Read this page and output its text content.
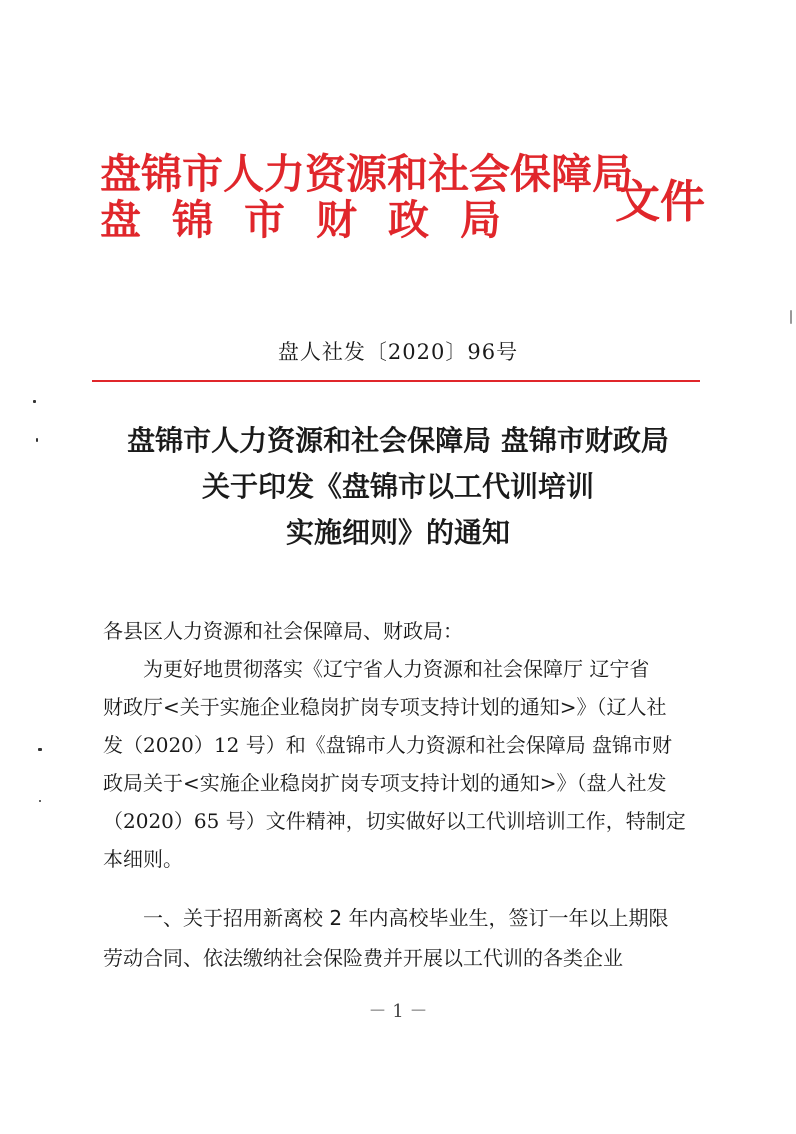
盘锦市人力资源和社会保障局
盘锦市财政局 文件
盘人社发〔2020〕96号
盘锦市人力资源和社会保障局 盘锦市财政局
关于印发《盘锦市以工代训培训
实施细则》的通知

各县区人力资源和社会保障局、财政局：

为更好地贯彻落实《辽宁省人力资源和社会保障厅 辽宁省

财政厅<关于实施企业稳岗扩岗专项支持计划的通知>》（辽人社

发（2020）12 号）和《盘锦市人力资源和社会保障局 盘锦市财

政局关于<实施企业稳岗扩岗专项支持计划的通知>》（盘人社发

（2020）65 号）文件精神，切实做好以工代训培训工作，特制定

本细则。

一、关于招用新离校 2 年内高校毕业生，签订一年以上期限

劳动合同、依法缴纳社会保险费并开展以工代训的各类企业

－ 1 －
